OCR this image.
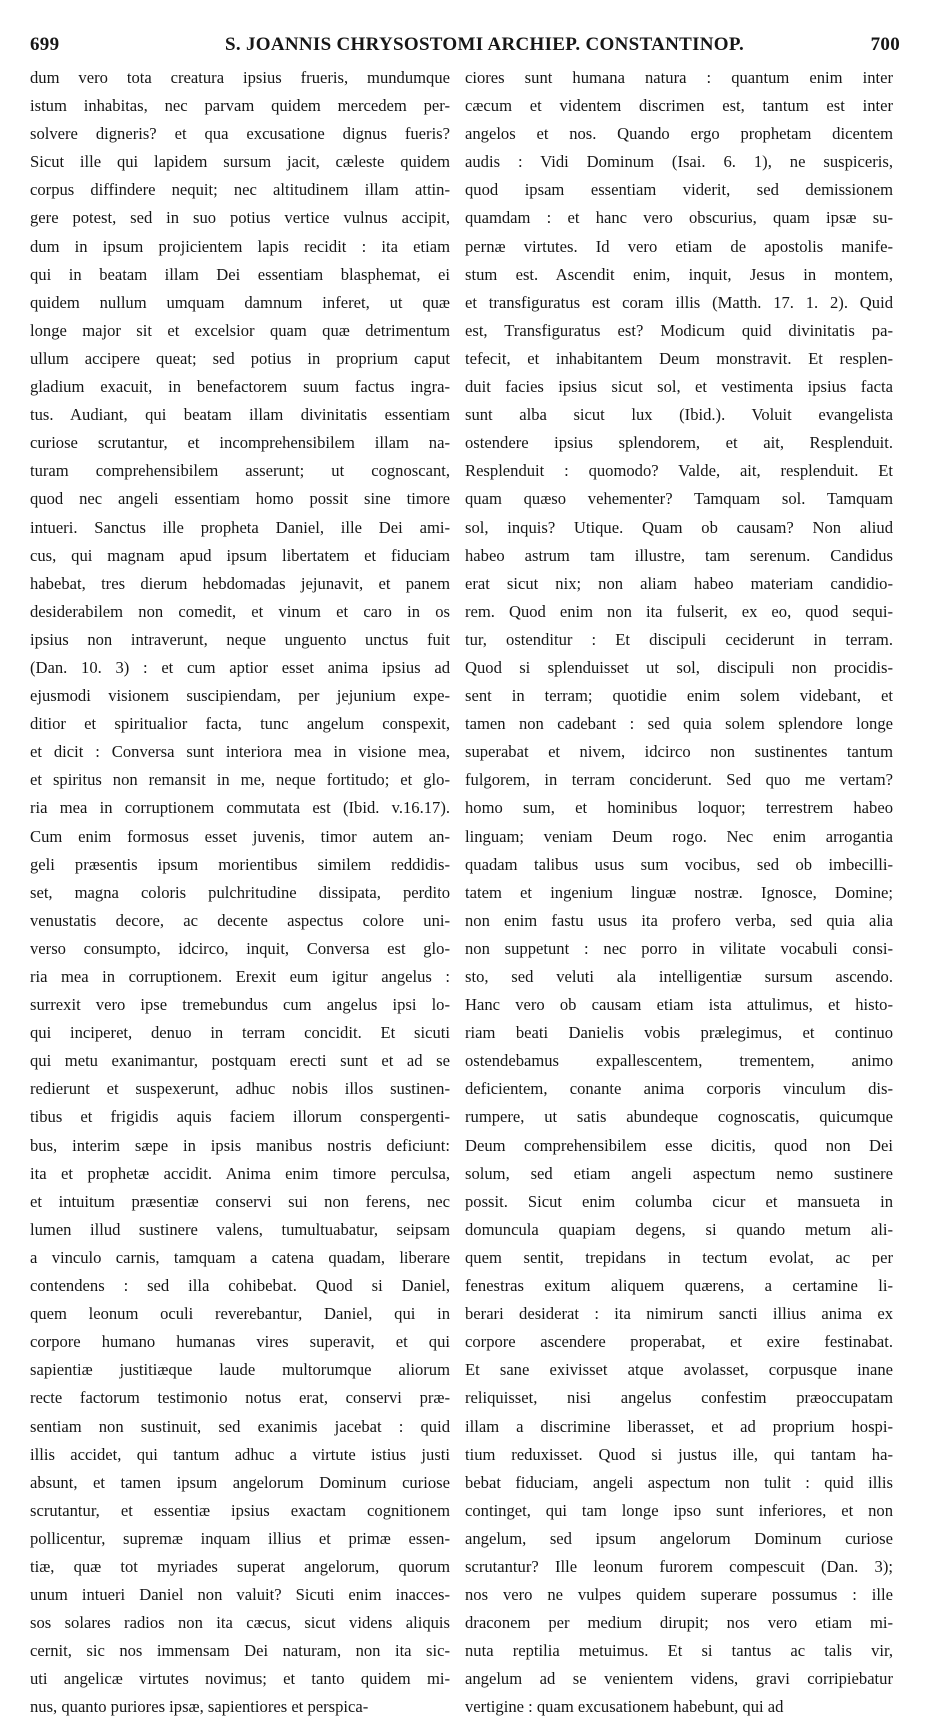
699	S. JOANNIS CHRYSOSTOMI ARCHIEP. CONSTANTINOP.	700
dum vero tota creatura ipsius frueris, mundumque
istum inhabitas, nec parvam quidem mercedem per-
solvere digneris? et qua excusatione dignus fueris?
Sicut ille qui lapidem sursum jacit, cæleste quidem
corpus diffindere nequit; nec altitudinem illam attin-
gere potest, sed in suo potius vertice vulnus accipit,
dum in ipsum projicientem lapis recidit : ita etiam
qui in beatam illam Dei essentiam blasphemat, ei
quidem nullum umquam damnum inferet, ut quæ
longe major sit et excelsior quam quæ detrimentum
ullum accipere queat; sed potius in proprium caput
gladium exacuit, in benefactorem suum factus ingra-
tus. Audiant, qui beatam illam divinitatis essentiam
curiose scrutantur, et incomprehensibilem illam na-
turam comprehensibilem asserunt; ut cognoscant,
quod nec angeli essentiam homo possit sine timore
intueri. Sanctus ille propheta Daniel, ille Dei ami-
cus, qui magnam apud ipsum libertatem et fiduciam
habebat, tres dierum hebdomadas jejunavit, et panem
desiderabilem non comedit, et vinum et caro in os
ipsius non intraverunt, neque unguento unctus fuit
(Dan. 10. 3) : et cum aptior esset anima ipsius ad
ejusmodi visionem suscipiendam, per jejunium expe-
ditior et spiritualior facta, tunc angelum conspexit,
et dicit : Conversa sunt interiora mea in visione mea,
et spiritus non remansit in me, neque fortitudo; et glo-
ria mea in corruptionem commutata est (Ibid. v.16.17).
Cum enim formosus esset juvenis, timor autem an-
geli præsentis ipsum morientibus similem reddidis-
set, magna coloris pulchritudine dissipata, perdito
venustatis decore, ac decente aspectus colore uni-
verso consumpto, idcirco, inquit, Conversa est glo-
ria mea in corruptionem. Erexit eum igitur angelus :
surrexit vero ipse tremebundus cum angelus ipsi lo-
qui inciperet, denuo in terram concidit. Et sicuti
qui metu exanimantur, postquam erecti sunt et ad se
redierunt et suspexerunt, adhuc nobis illos sustinen-
tibus et frigidis aquis faciem illorum conspergenti-
bus, interim sæpe in ipsis manibus nostris deficiunt:
ita et prophetæ accidit. Anima enim timore perculsa,
et intuitum præsentiæ conservi sui non ferens, nec
lumen illud sustinere valens, tumultuabatur, seipsam
a vinculo carnis, tamquam a catena quadam, liberare
contendens : sed illa cohibebat. Quod si Daniel,
quem leonum oculi reverebantur, Daniel, qui in
corpore humano humanas vires superavit, et qui
sapientiæ justitiæque laude multorumque aliorum
recte factorum testimonio notus erat, conservi præ-
sentiam non sustinuit, sed exanimis jacebat : quid
illis accidet, qui tantum adhuc a virtute istius justi
absunt, et tamen ipsum angelorum Dominum curiose
scrutantur, et essentiæ ipsius exactam cognitionem
pollicentur, supremæ inquam illius et primæ essen-
tiæ, quæ tot myriades superat angelorum, quorum
unum intueri Daniel non valuit? Sicuti enim inacces-
sos solares radios non ita cæcus, sicut videns aliquis
cernit, sic nos immensam Dei naturam, non ita sic-
uti angelicæ virtutes novimus; et tanto quidem mi-
nus, quanto puriores ipsæ, sapientiores et perspica-
ciores sunt humana natura : quantum enim inter
cæcum et videntem discrimen est, tantum est inter
angelos et nos. Quando ergo prophetam dicentem
audis : Vidi Dominum (Isai. 6. 1), ne suspiceris,
quod ipsam essentiam viderit, sed demissionem
quamdam : et hanc vero obscurius, quam ipsæ su-
pernæ virtutes. Id vero etiam de apostolis manife-
stum est. Ascendit enim, inquit, Jesus in montem,
et transfiguratus est coram illis (Matth. 17. 1. 2). Quid
est, Transfiguratus est? Modicum quid divinitatis pa-
tefecit, et inhabitantem Deum monstravit. Et resplen-
duit facies ipsius sicut sol, et vestimenta ipsius facta
sunt alba sicut lux (Ibid.). Voluit evangelista
ostendere ipsius splendorem, et ait, Resplenduit.
Resplenduit : quomodo? Valde, ait, resplenduit. Et
quam quæso vehementer? Tamquam sol. Tamquam
sol, inquis? Utique. Quam ob causam? Non aliud
habeo astrum tam illustre, tam serenum. Candidus
erat sicut nix; non aliam habeo materiam candidio-
rem. Quod enim non ita fulserit, ex eo, quod sequi-
tur, ostenditur : Et discipuli ceciderunt in terram.
Quod si splenduisset ut sol, discipuli non procidis-
sent in terram; quotidie enim solem videbant, et
tamen non cadebant : sed quia solem splendore longe
superabat et nivem, idcirco non sustinentes tantum
fulgorem, in terram conciderunt. Sed quo me vertam?
homo sum, et hominibus loquor; terrestrem habeo
linguam; veniam Deum rogo. Nec enim arrogantia
quadam talibus usus sum vocibus, sed ob imbecilli-
tatem et ingenium linguæ nostræ. Ignosce, Domine;
non enim fastu usus ita profero verba, sed quia alia
non suppetunt : nec porro in vilitate vocabuli consi-
sto, sed veluti ala intelligentiæ sursum ascendo.
Hanc vero ob causam etiam ista attulimus, et histo-
riam beati Danielis vobis prælegimus, et continuo
ostendebamus expallescentem, trementem, animo
deficientem, conante anima corporis vinculum dis-
rumpere, ut satis abundeque cognoscatis, quicumque
Deum comprehensibilem esse dicitis, quod non Dei
solum, sed etiam angeli aspectum nemo sustinere
possit. Sicut enim columba cicur et mansueta in
domuncula quapiam degens, si quando metum ali-
quem sentit, trepidans in tectum evolat, ac per
fenestras exitum aliquem quærens, a certamine li-
berari desiderat : ita nimirum sancti illius anima ex
corpore ascendere properabat, et exire festinabat.
Et sane exivisset atque avolasset, corpusque inane
reliquisset, nisi angelus confestim præoccupatam
illam a discrimine liberasset, et ad proprium hospi-
tium reduxisset. Quod si justus ille, qui tantam ha-
bebat fiduciam, angeli aspectum non tulit : quid illis
continget, qui tam longe ipso sunt inferiores, et non
angelum, sed ipsum angelorum Dominum curiose
scrutantur? Ille leonum furorem compescuit (Dan. 3);
nos vero ne vulpes quidem superare possumus : ille
draconem per medium dirupit; nos vero etiam mi-
nuta reptilia metuimus. Et si tantus ac talis vir,
angelum ad se venientem videns, gravi corripiebatur
vertigine : quam excusationem habebunt, qui ad
